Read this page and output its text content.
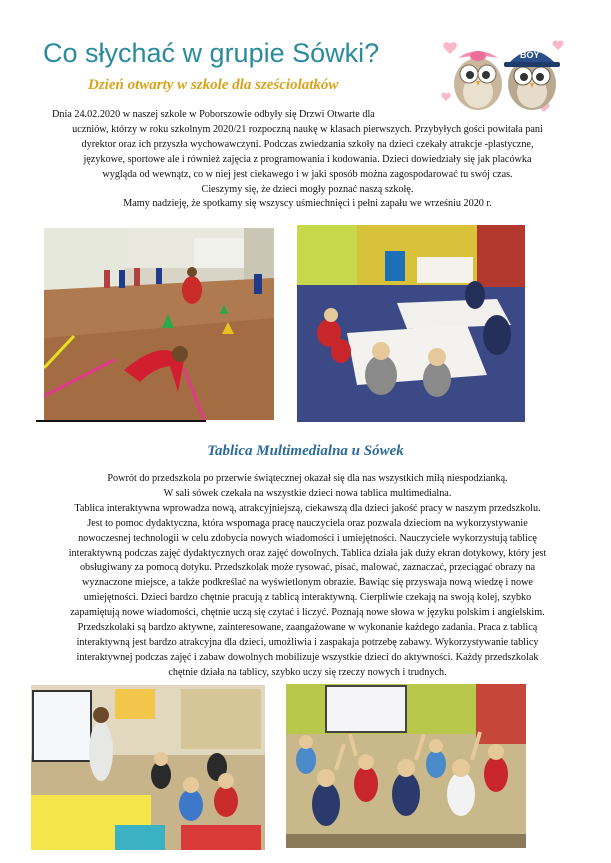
Co słychać w grupie Sówki?
Dzień otwarty w szkole dla sześciolatków
BOY
Dnia 24.02.2020 w naszej szkole w Poborszowie odbyły się Drzwi Otwarte dla
uczniów, którzy w roku szkolnym 2020/21 rozpoczną naukę w klasach pierwszych. Przybyłych gości powitała pani
dyrektor oraz ich przyszła wychowawczyni. Podczas zwiedzania szkoły na dzieci czekały atrakcje -plastyczne,
językowe, sportowe ale i również zajęcia z programowania i kodowania. Dzieci dowiedziały się jak placówka
wygląda od wewnątz, co w niej jest ciekawego i w jaki sposób można zagospodarować tu swój czas.
Cieszymy się, że dzieci mogły poznać naszą szkołę.
Mamy nadzieję, że spotkamy się wszyscy uśmiechnięci i pełni zapału we wrześniu 2020 r.
Tablica Multimedialna u Sówek
Powrót do przedszkola po przerwie świątecznej okazał się dla nas wszystkich miłą niespodzianką.
W sali sówek czekała na wszystkie dzieci nowa tablica multimedialna.
Tablica interaktywna wprowadza nową, atrakcyjniejszą, ciekawszą dla dzieci jakość pracy w naszym przedszkolu.
Jest to pomoc dydaktyczna, która wspomaga pracę nauczyciela oraz pozwala dzieciom na wykorzystywanie
nowoczesnej technologii w celu zdobycia nowych wiadomości i umiejętności. Nauczyciele wykorzystują tablicę
interaktywną podczas zajęć dydaktycznych oraz zajęć dowolnych. Tablica działa jak duży ekran dotykowy, który jest
obsługiwany za pomocą dotyku. Przedszkolak może rysować, pisać, malować, zaznaczać, przeciągać obrazy na
wyznaczone miejsce, a także podkreślać na wyświetlonym obrazie. Bawiąc się przyswaja nową wiedzę i nowe
umiejętności. Dzieci bardzo chętnie pracują z tablicą interaktywną. Cierpliwie czekają na swoją kolej, szybko
zapamiętują nowe wiadomości, chętnie uczą się czytać i liczyć. Poznają nowe słowa w języku polskim i angielskim.
Przedszkolaki są bardzo aktywne, zainteresowane, zaangażowane w wykonanie każdego zadania. Praca z tablicą
interaktywną jest bardzo atrakcyjna dla dzieci, umożliwia i zaspakaja potrzebę zabawy. Wykorzystywanie tablicy
interaktywnej podczas zajęć i zabaw dowolnych mobilizuje wszystkie dzieci do aktywności. Każdy przedszkolak
chętnie działa na tablicy, szybko uczy się rzeczy nowych i trudnych.
